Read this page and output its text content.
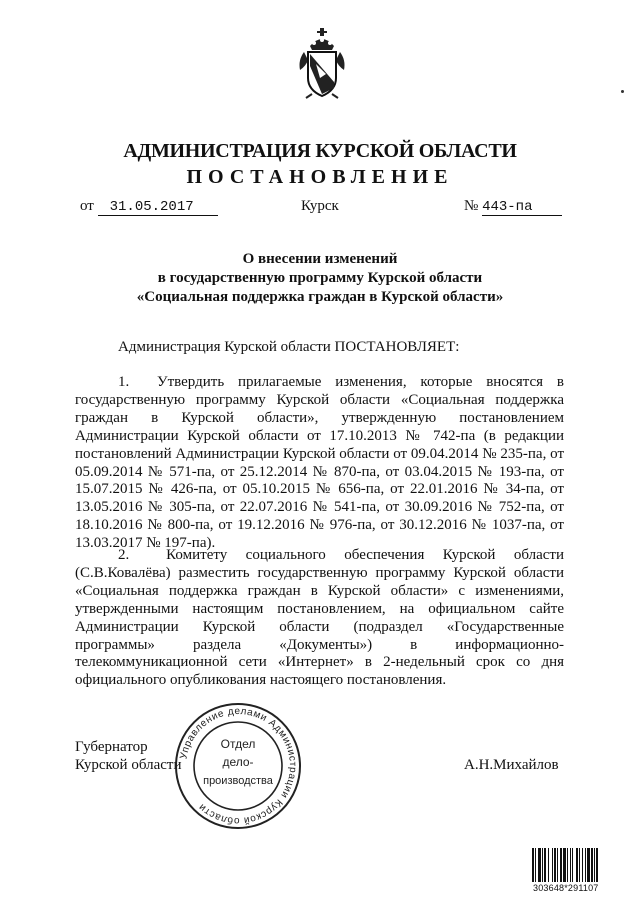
АДМИНИСТРАЦИЯ КУРСКОЙ ОБЛАСТИ
ПОСТАНОВЛЕНИЕ
от 31.05.2017	Курск	№ 443-па
О внесении изменений
в государственную программу Курской области
«Социальная поддержка граждан в Курской области»
Администрация Курской области ПОСТАНОВЛЯЕТ:
1.  Утвердить прилагаемые изменения, которые вносятся в государственную программу Курской области «Социальная поддержка граждан в Курской области», утвержденную постановлением Администрации Курской области от 17.10.2013 № 742-па (в редакции постановлений Администрации Курской области от 09.04.2014 № 235-па, от 05.09.2014 № 571-па, от 25.12.2014 № 870-па, от 03.04.2015 № 193-па, от 15.07.2015 № 426-па, от 05.10.2015 № 656-па, от 22.01.2016 № 34-па, от 13.05.2016 № 305-па, от 22.07.2016 № 541-па, от 30.09.2016 № 752-па, от 18.10.2016 № 800-па, от 19.12.2016 № 976-па, от 30.12.2016 № 1037-па, от 13.03.2017 № 197-па).
2.  Комитету социального обеспечения Курской области (С.В.Ковалёва) разместить государственную программу Курской области «Социальная поддержка граждан в Курской области» с изменениями, утвержденными настоящим постановлением, на официальном сайте Администрации Курской области (подраздел «Государственные программы» раздела «Документы») в информационно-телекоммуникационной сети «Интернет» в 2-недельный срок со дня официального опубликования настоящего постановления.
Губернатор
Курской области	А.Н.Михайлов
Управление делами Администрации Курской области
Отдел
дело-
производства
303648*291107
